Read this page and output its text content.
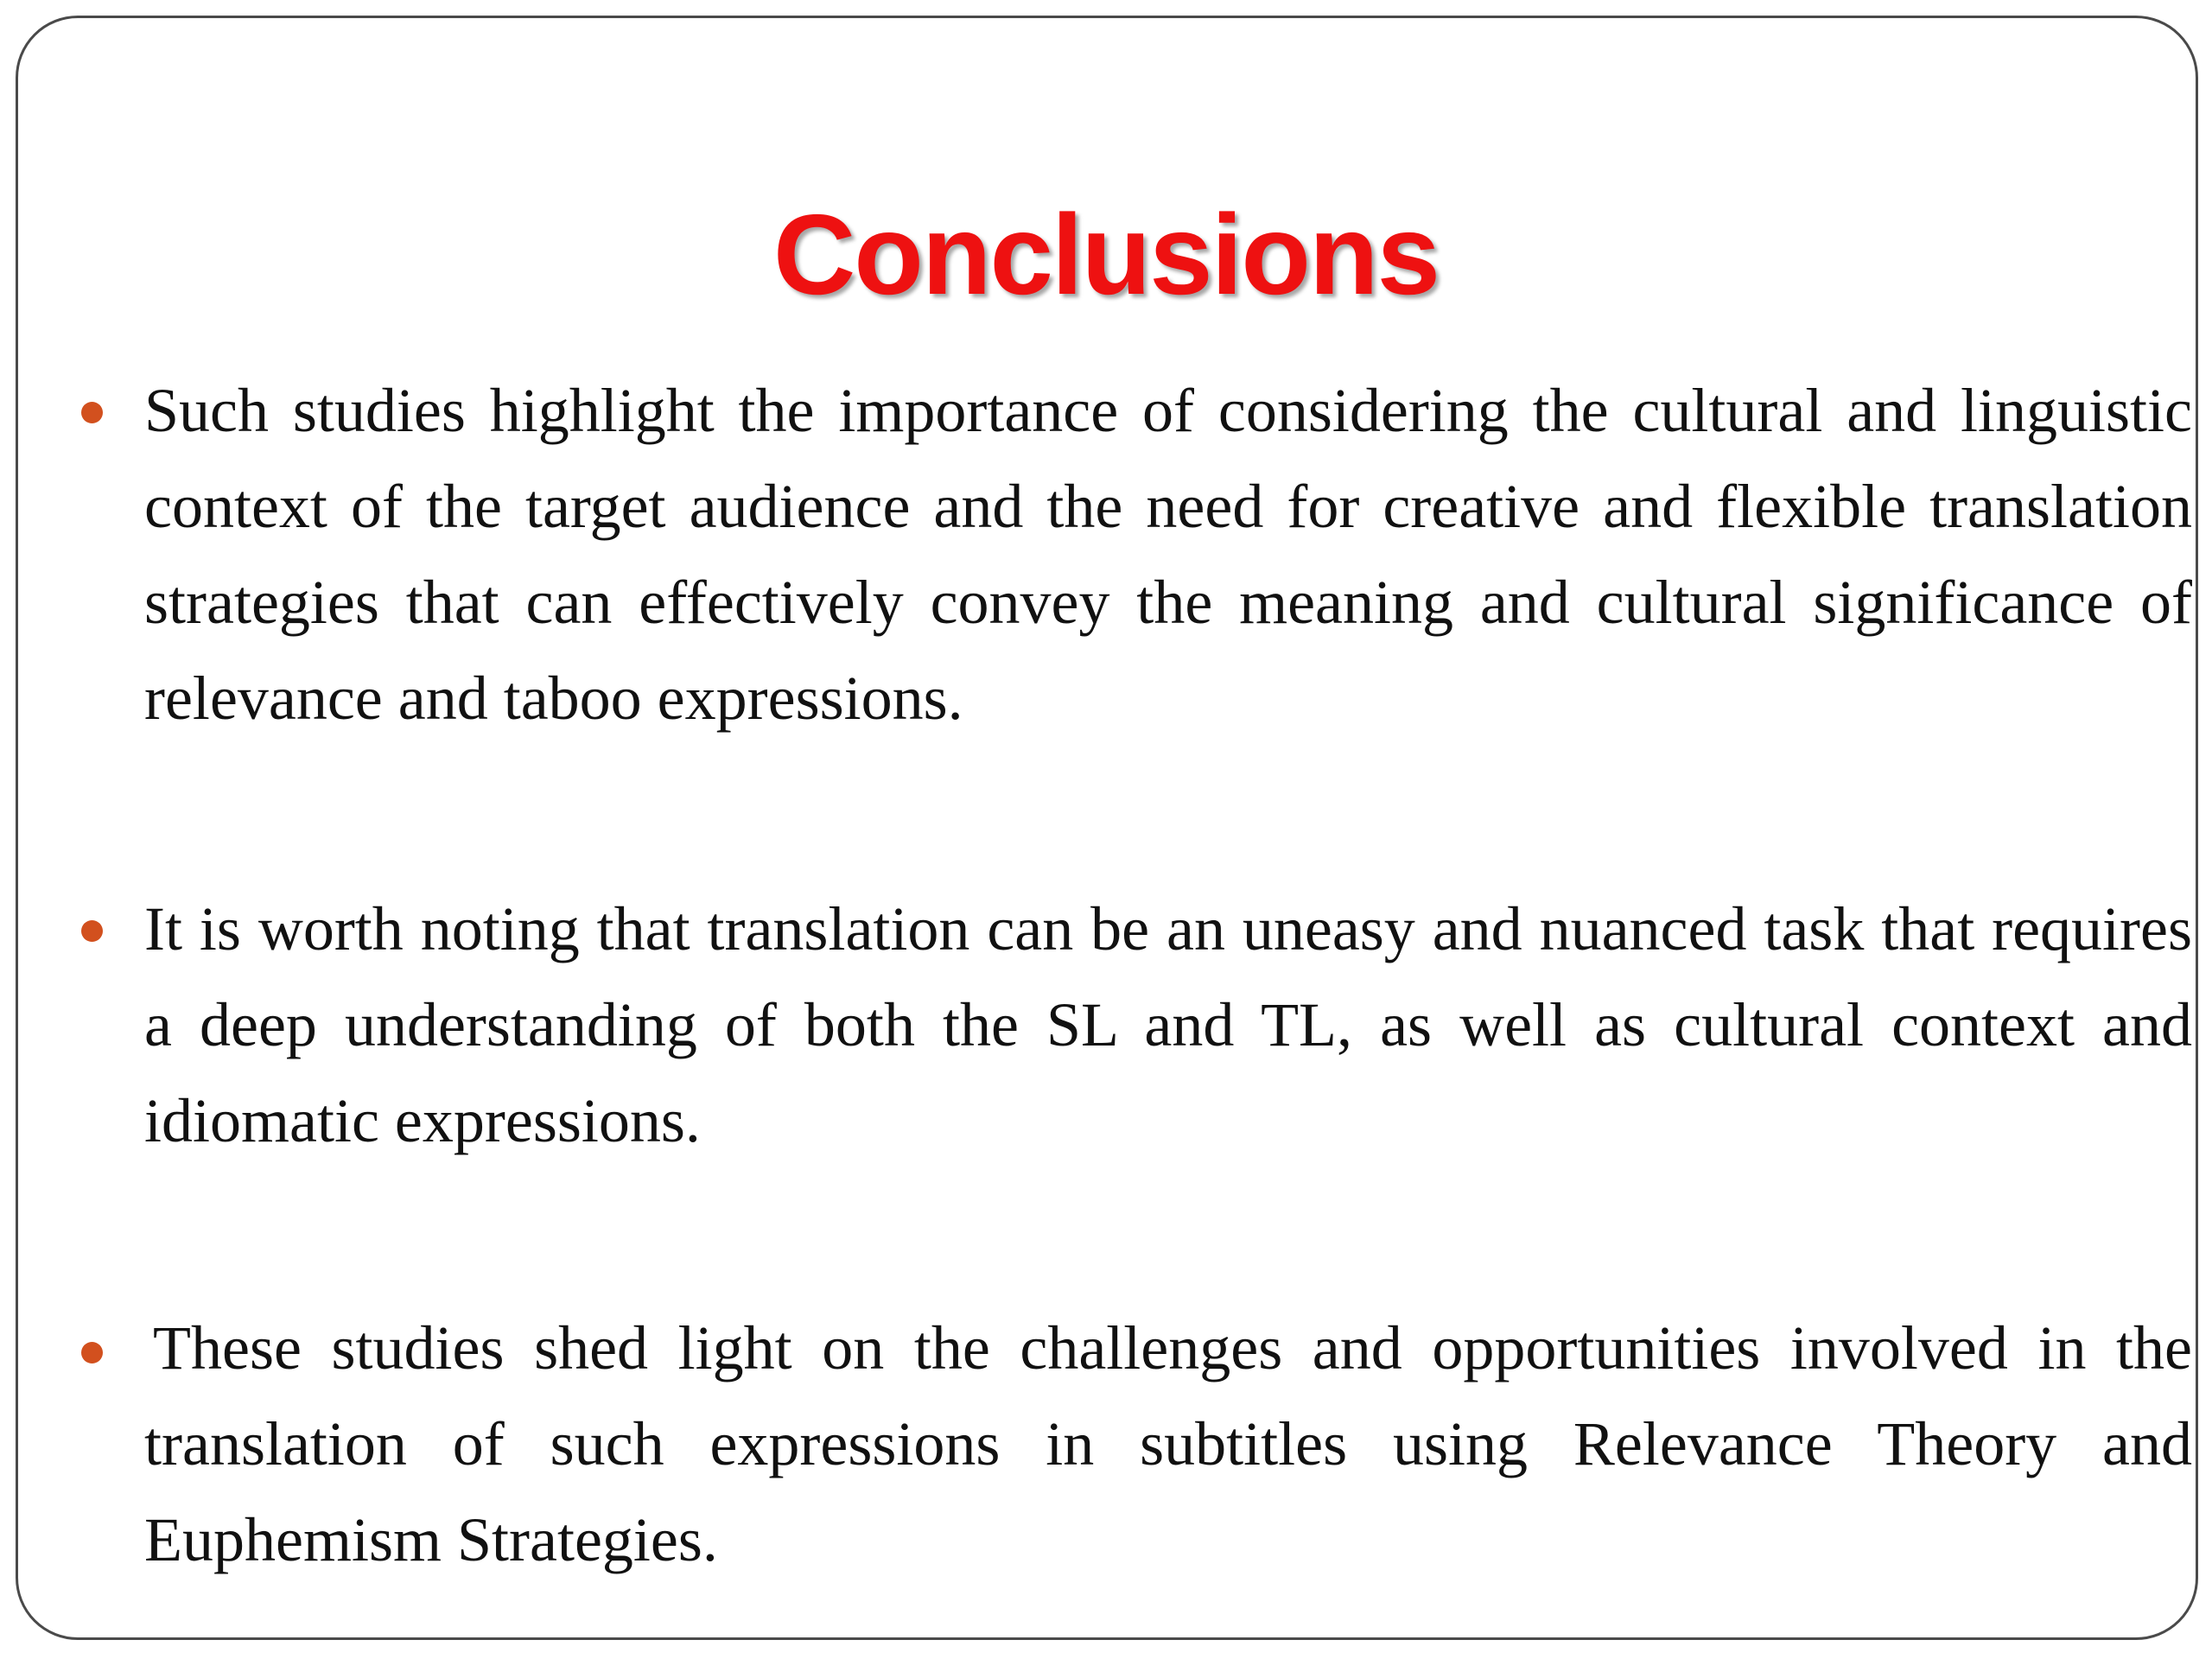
Conclusions

Such studies highlight the importance of considering the cultural and linguistic context of the target audience and the need for creative and flexible translation strategies that can effectively convey the meaning and cultural significance of relevance and taboo expressions.

It is worth noting that translation can be an uneasy and nuanced task that requires a deep understanding of both the SL and TL, as well as cultural context and idiomatic expressions.

These studies shed light on the challenges and opportunities involved in the translation of such expressions in subtitles using Relevance Theory and Euphemism Strategies.
